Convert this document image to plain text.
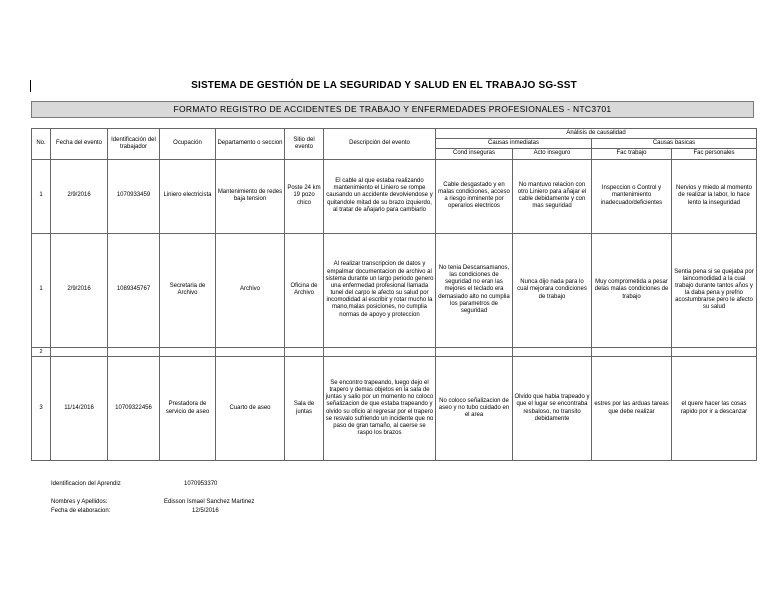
SISTEMA DE GESTIÓN DE LA SEGURIDAD Y SALUD EN EL TRABAJO SG-SST
FORMATO REGISTRO DE ACCIDENTES DE TRABAJO Y ENFERMEDADES PROFESIONALES - NTC3701
No.	Fecha del evento	Identificación del trabajador	Ocupación	Departamento o seccion	Sitio del evento	Descripción del evento	Análisis de causalidad			
							Causas inmediatas		Causas basicas	
							Cond inseguras	Acto inseguro	Fac trabajo	Fac personales
1	2/9/2016	1070933459	Liniero electricista	Mantenimiento de redes baja tension	Poste 24 km 19 pozo chico	El cable al que estaba realizando mantenimiento el Liniero se rompe causando un accidente devolviendose y quitandole mitad de su brazo izquierdo, al tratar de añajarlo para cambiarlo	Cable desgastado y en malas condiciones, acceso a riesgo inminente por operarios electricos	No mantuvo relacion con otro Liniero para añajar el cable debidamente y con mas seguridad	Inspeccion o Control y mantenimiento inadecuado/deficientes	Nervios y miedo al momento de realizar la labor, lo hace lento la inseguridad
1	2/9/2016	1089345767	Secretaria de Archivo	Archivo	Oficina de Archivo	Al realizar transcripcion de datos y empalmar documentacion de archivo al sistema durante un largo periodo genero una enfermedad profesional llamada tunel del carpo le afecto su salud por incomodidad al escribir y rotar mucho la mano,malas posiciones, no cumplia normas de apoyo y proteccion	No tenia Descansamanos, las condiciones de seguridad no eran las mejores el teclado era demasiado alto no cumplia los parametros de seguridad	Nunca dijo nada para lo cual mejorara condiciones de trabajo	Muy comprometida a pesar delas malas condiciones de trabajo	Sentia pena si se quejaba por laincomodidad a la cual trabajo durante tantos años y la daba pena y prefrio acostumbrarse pero le afecto su salud
2										
3	11/14/2016	10709322456	Prestadora de servicio de aseo	Cuarto de aseo	Sala de juntas	Se encontro trapeando, luego dejo el trapero y demas objetos en la sala de juntas y salio por un momento no coloco señalizacion de que estaba trapeando y olvido su oficio al regresar por el trapero se resvalo sufriendo un incidente que no paso de gran tamaño, al caerse se raspo los brazos	No coloco señalizacion de aseo y no tubo cuidado en el area	Olvido que habia trapeado y que el lugar se encontraba resbaloso, no transito debidamente	estres por las arduas tareas que debe realizar	el quere hacer las cosas rapido por ir a descanzar
Identificacion del Aprendiz	1070953370
Nombres y Apellidos:	Edisson Ismael Sanchez Martinez
Fecha de elaboracion:	12/5/2016
